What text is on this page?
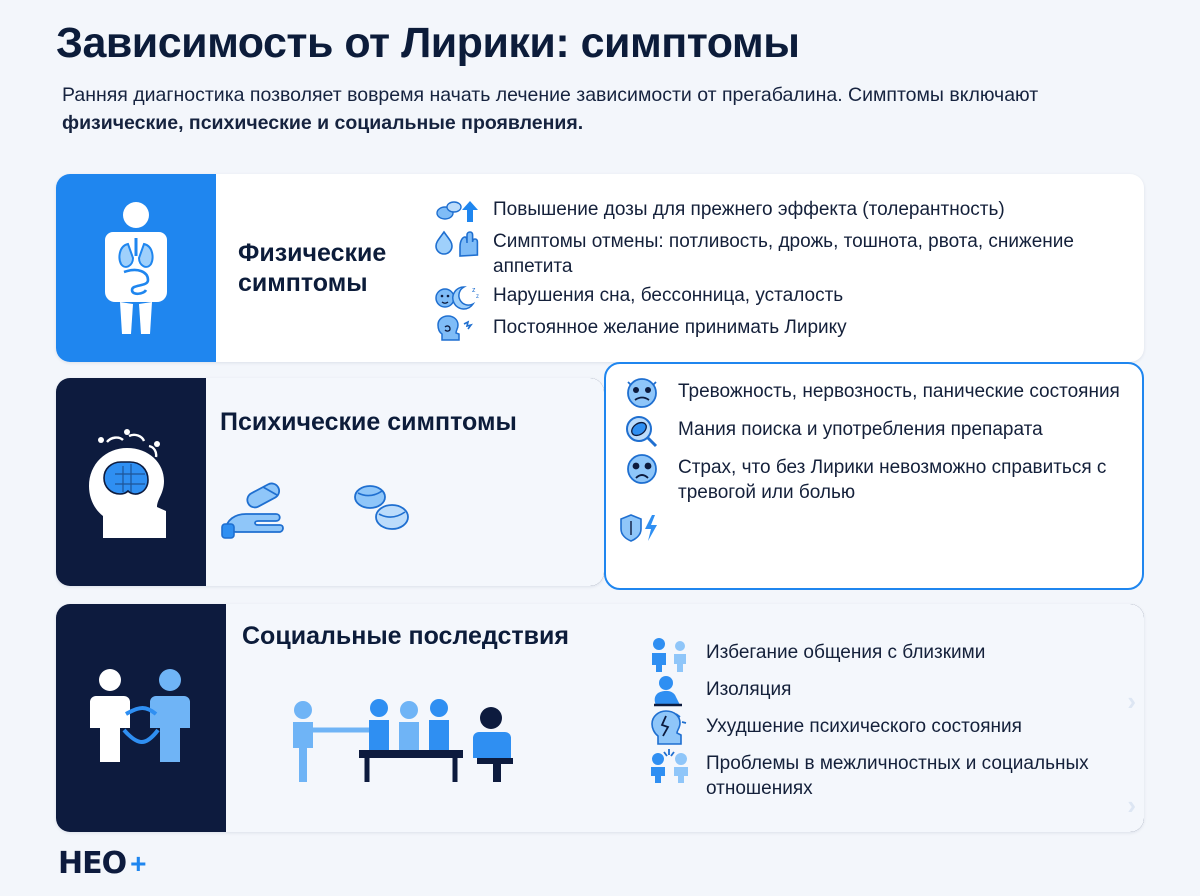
Зависимость от Лирики: симптомы

Ранняя диагностика позволяет вовремя начать лечение зависимости от прегабалина. Симптомы включают физические, психические и социальные проявления.

Физические симптомы
Повышение дозы для прежнего эффекта (толерантность)
Симптомы отмены: потливость, дрожь, тошнота, рвота, снижение аппетита
z
z Нарушения сна, бессонница, усталость
Постоянное желание принимать Лирику
Психические симптомы
Тревожность, нервозность, панические состояния
Мания поиска и употребления препарата
Страх, что без Лирики невозможно справиться с тревогой или болью
Социальные последствия
Избегание общения с близкими
Изоляция
Ухудшение психического состояния
Проблемы в межличностных и социальных отношениях
›
›
НЕО +
